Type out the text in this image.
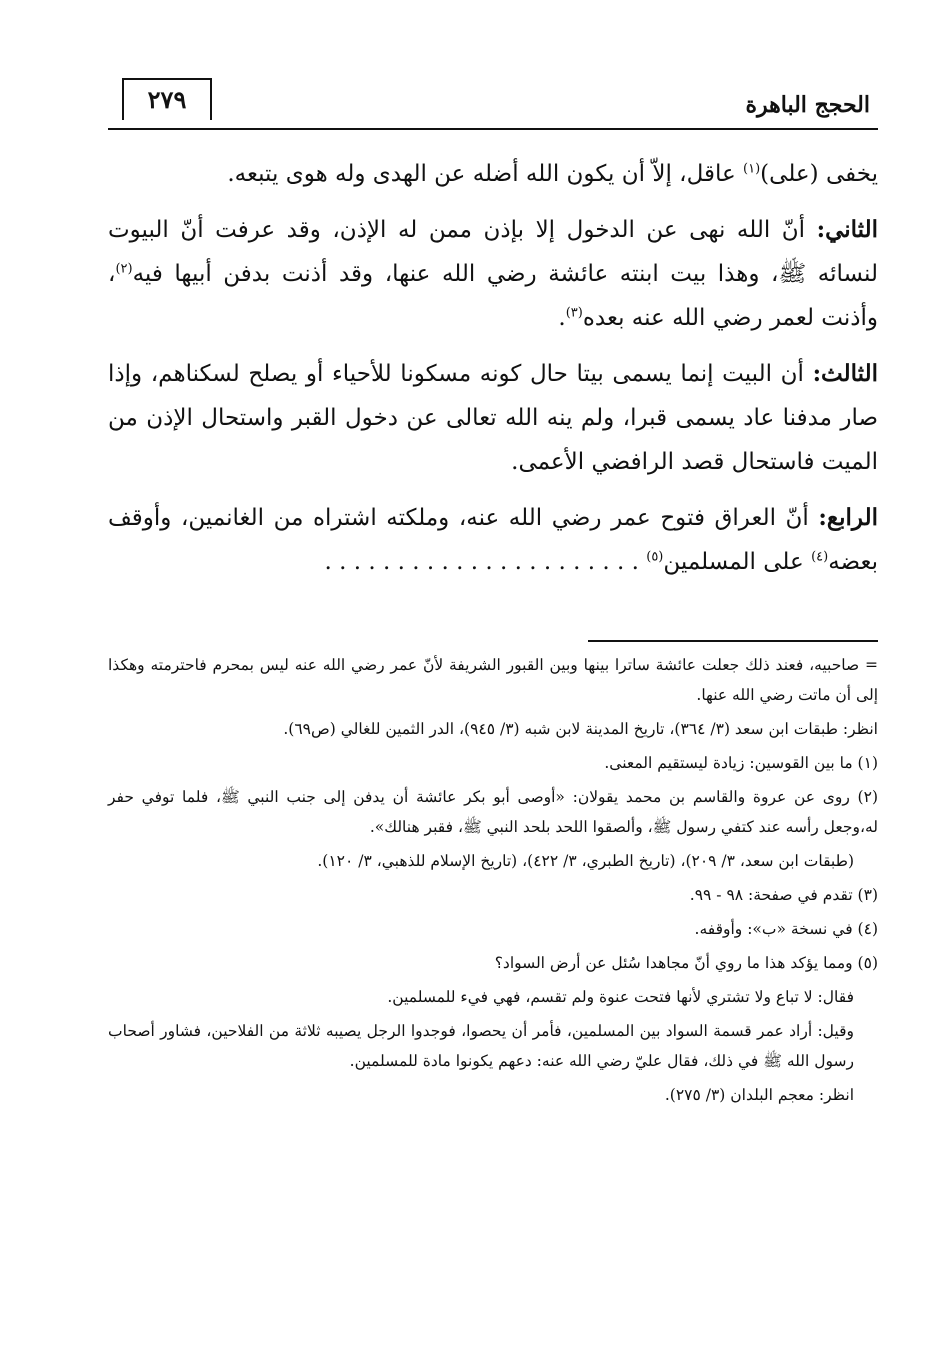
الحجج الباهرة
٢٧٩

يخفى (على)$^{(١)}$ عاقل، إلاّ أن يكون الله أضله عن الهدى وله هوى يتبعه.

الثاني: أنّ الله نهى عن الدخول إلا بإذن ممن له الإذن، وقد عرفت أنّ البيوت لنسائه ﷺ، وهذا بيت ابنته عائشة رضي الله عنها، وقد أذنت بدفن أبيها فيه$^{(٢)}$، وأذنت لعمر رضي الله عنه بعده$^{(٣)}$.

الثالث: أن البيت إنما يسمى بيتا حال كونه مسكونا للأحياء أو يصلح لسكناهم، وإذا صار مدفنا عاد يسمى قبرا، ولم ينه الله تعالى عن دخول القبر واستحال الإذن من الميت فاستحال قصد الرافضي الأعمى.

الرابع: أنّ العراق فتوح عمر رضي الله عنه، وملكته اشتراه من الغانمين، وأوقف بعضه$^{(٤)}$ على المسلمين$^{(٥)}$ . . . . . . . . . . . . . . . . . . . . . .

= صاحبيه، فعند ذلك جعلت عائشة ساترا بينها وبين القبور الشريفة لأنّ عمر رضي الله عنه ليس بمحرم فاحترمته وهكذا إلى أن ماتت رضي الله عنها.

انظر: طبقات ابن سعد (٣/ ٣٦٤)، تاريخ المدينة لابن شبه (٣/ ٩٤٥)، الدر الثمين للغالي (ص٦٩).

(١) ما بين القوسين: زيادة ليستقيم المعنى.

(٢) روى عن عروة والقاسم بن محمد يقولان: «أوصى أبو بكر عائشة أن يدفن إلى جنب النبي ﷺ، فلما توفي حفر له،وجعل رأسه عند كتفي رسول ﷺ، وألصقوا اللحد بلحد النبي ﷺ، فقبر هنالك».

(طبقات ابن سعد، ٣/ ٢٠٩)، (تاريخ الطبري، ٣/ ٤٢٢)، (تاريخ الإسلام للذهبي، ٣/ ١٢٠).

(٣) تقدم في صفحة: ٩٨ - ٩٩.

(٤) في نسخة «ب»: وأوقفه.

(٥) ومما يؤكد هذا ما روي أنّ مجاهدا سُئل عن أرض السواد؟

فقال: لا تباع ولا تشتري لأنها فتحت عنوة ولم تقسم، فهي فيء للمسلمين.

وقيل: أراد عمر قسمة السواد بين المسلمين، فأمر أن يحصوا، فوجدوا الرجل يصيبه ثلاثة من الفلاحين، فشاور أصحاب رسول الله ﷺ في ذلك، فقال عليّ رضي الله عنه: دعهم يكونوا مادة للمسلمين.

انظر: معجم البلدان (٣/ ٢٧٥).
